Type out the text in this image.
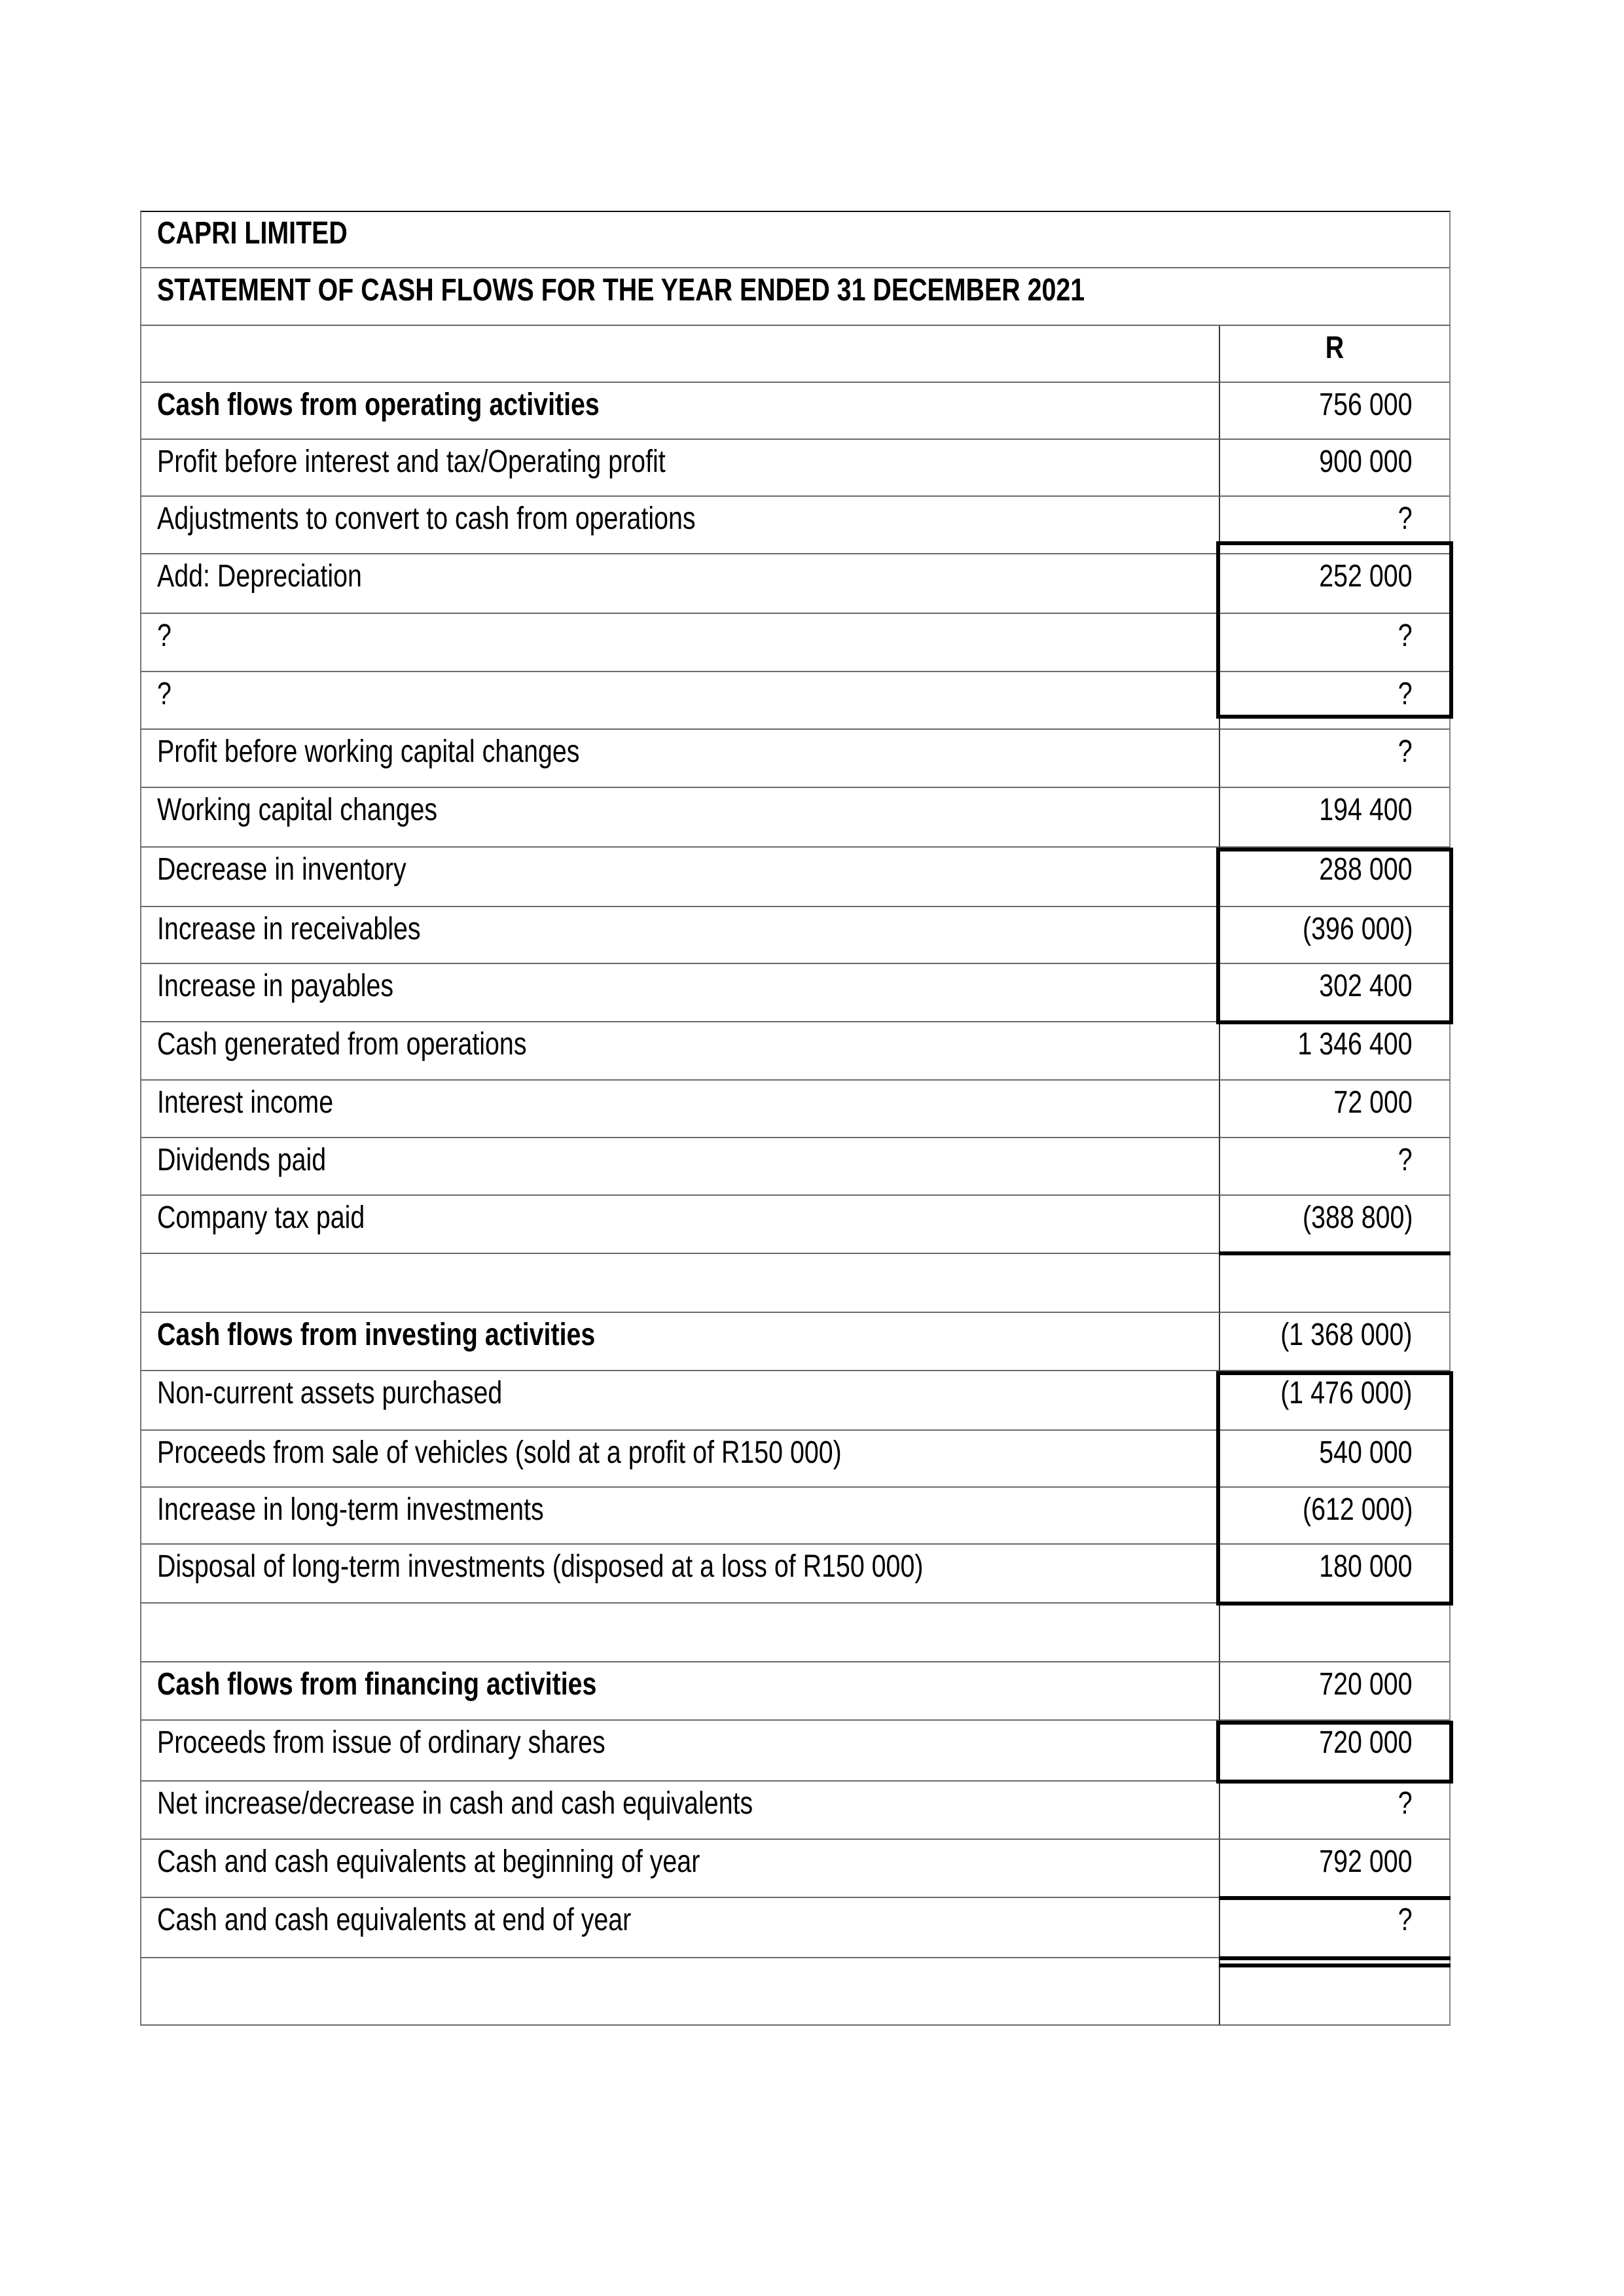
CAPRI LIMITED
STATEMENT OF CASH FLOWS FOR THE YEAR ENDED 31 DECEMBER 2021
R
Cash flows from operating activities	756 000
Profit before interest and tax/Operating profit	900 000
Adjustments to convert to cash from operations	?
Add: Depreciation	252 000
?	?
?	?
Profit before working capital changes	?
Working capital changes	194 400
Decrease in inventory	288 000
Increase in receivables	(396 000)
Increase in payables	302 400
Cash generated from operations	1 346 400
Interest income	72 000
Dividends paid	?
Company tax paid	(388 800)
Cash flows from investing activities	(1 368 000)
Non-current assets purchased	(1 476 000)
Proceeds from sale of vehicles (sold at a profit of R150 000)	540 000
Increase in long-term investments	(612 000)
Disposal of long-term investments (disposed at a loss of R150 000)	180 000
Cash flows from financing activities	720 000
Proceeds from issue of ordinary shares	720 000
Net increase/decrease in cash and cash equivalents	?
Cash and cash equivalents at beginning of year	792 000
Cash and cash equivalents at end of year	?
